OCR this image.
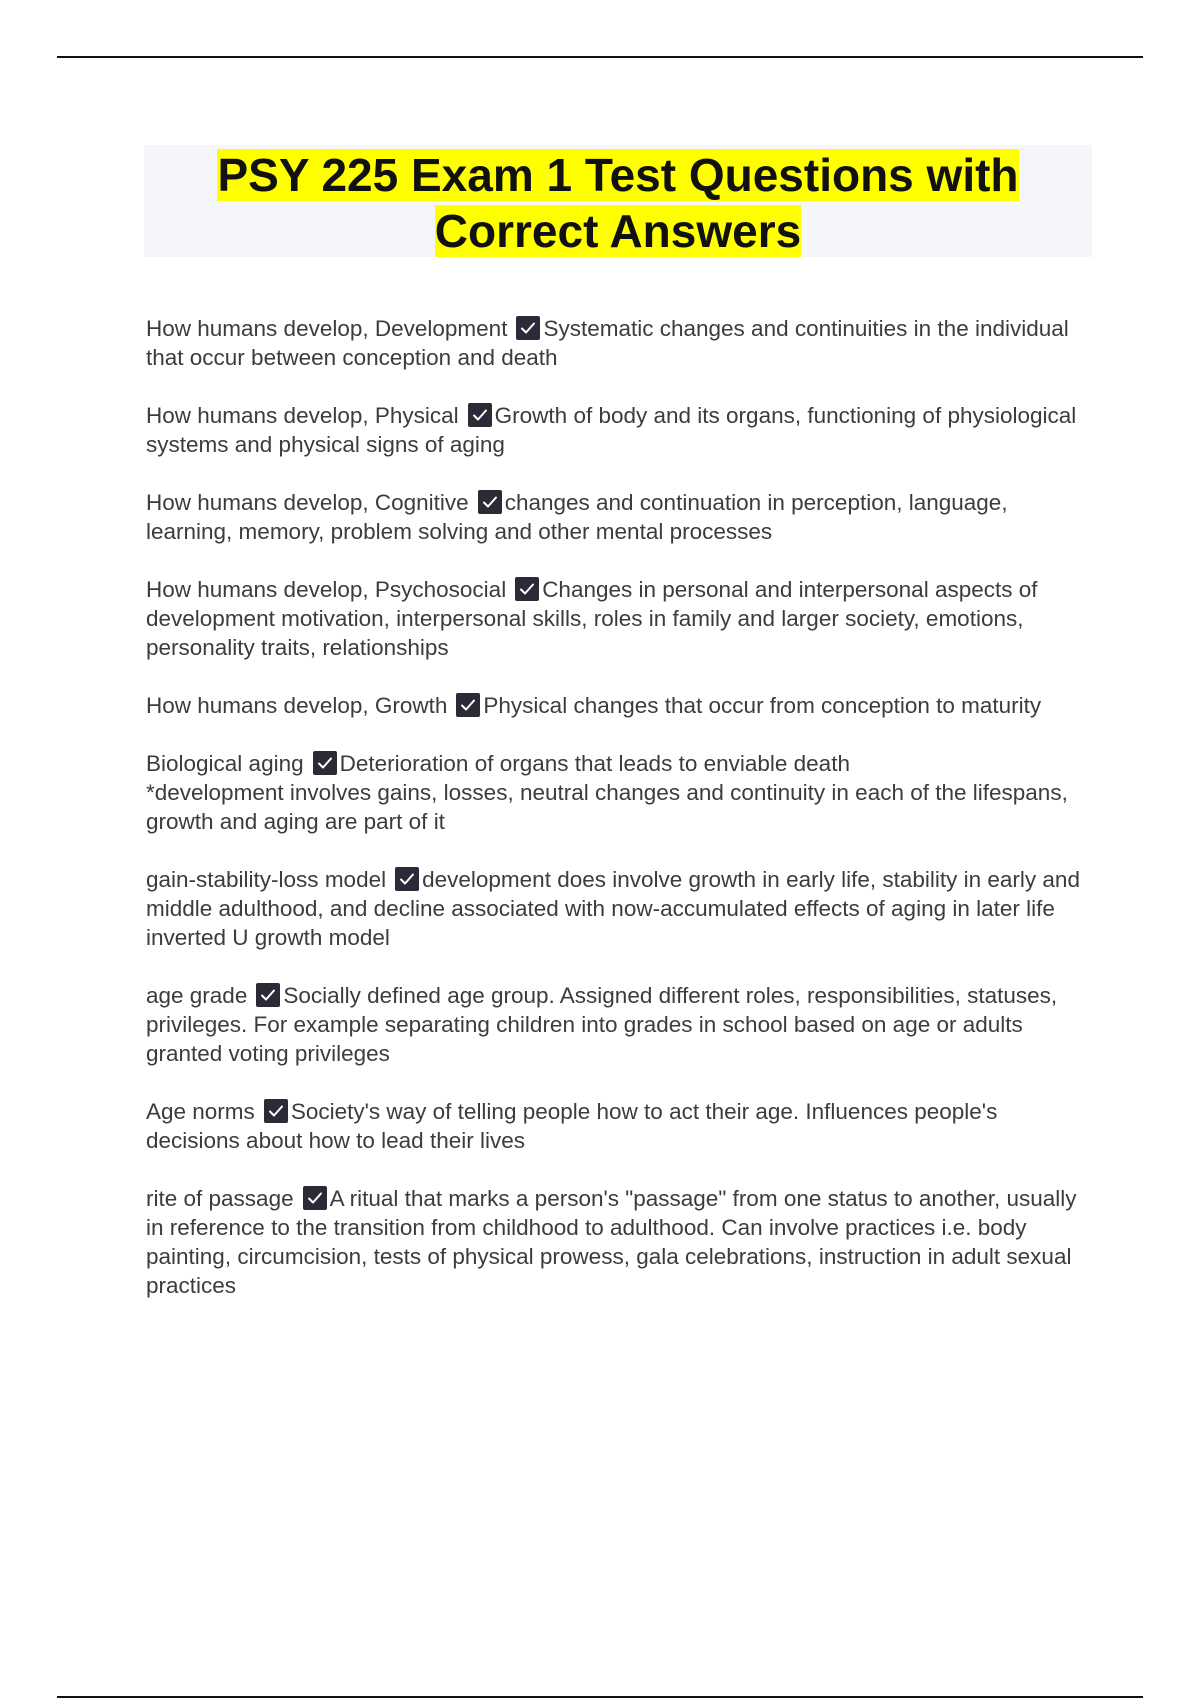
PSY 225 Exam 1 Test Questions with
Correct Answers

How humans develop, Development Systematic changes and continuities in the individual that occur between conception and death

How humans develop, Physical Growth of body and its organs, functioning of physiological systems and physical signs of aging

How humans develop, Cognitive changes and continuation in perception, language, learning, memory, problem solving and other mental processes

How humans develop, Psychosocial Changes in personal and interpersonal aspects of development motivation, interpersonal skills, roles in family and larger society, emotions, personality traits, relationships

How humans develop, Growth Physical changes that occur from conception to maturity

Biological aging Deterioration of organs that leads to enviable death
*development involves gains, losses, neutral changes and continuity in each of the lifespans, growth and aging are part of it

gain-stability-loss model development does involve growth in early life, stability in early and middle adulthood, and decline associated with now-accumulated effects of aging in later life
inverted U growth model

age grade Socially defined age group. Assigned different roles, responsibilities, statuses, privileges. For example separating children into grades in school based on age or adults granted voting privileges

Age norms Society's way of telling people how to act their age. Influences people's decisions about how to lead their lives

rite of passage A ritual that marks a person's "passage" from one status to another, usually in reference to the transition from childhood to adulthood. Can involve practices i.e. body painting, circumcision, tests of physical prowess, gala celebrations, instruction in adult sexual practices
